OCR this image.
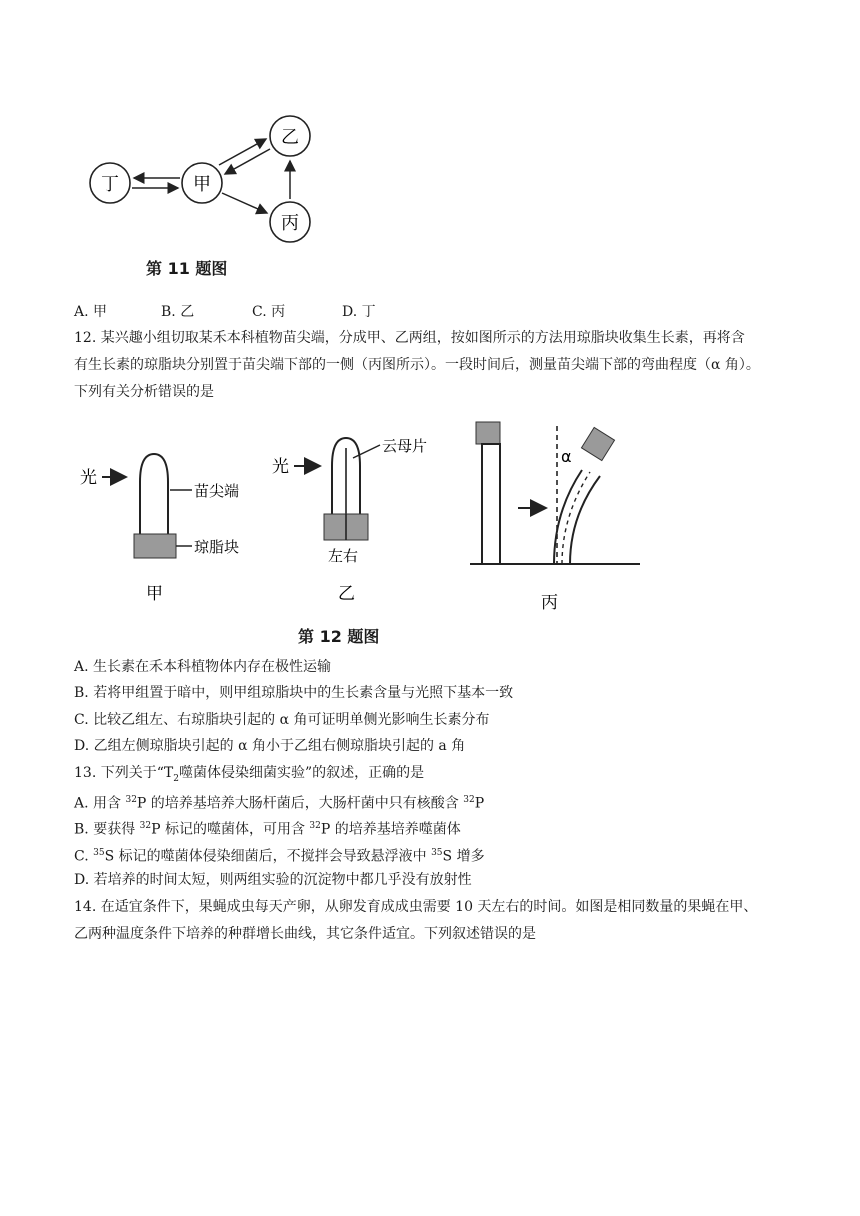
丁	甲
乙
丙
第 11 题图
A. 甲	B. 乙	C. 丙	D. 丁
12. 某兴趣小组切取某禾本科植物苗尖端，分成甲、乙两组，按如图所示的方法用琼脂块收集生长素，再将含
有生长素的琼脂块分别置于苗尖端下部的一侧（丙图所示）。一段时间后，测量苗尖端下部的弯曲程度（α 角）。
下列有关分析错误的是
光
苗尖端
琼脂块
甲
光
云母片
左右
乙
α
丙
第 12 题图
A. 生长素在禾本科植物体内存在极性运输
B. 若将甲组置于暗中，则甲组琼脂块中的生长素含量与光照下基本一致
C. 比较乙组左、右琼脂块引起的 α 角可证明单侧光影响生长素分布
D. 乙组左侧琼脂块引起的 α 角小于乙组右侧琼脂块引起的 a 角
13. 下列关于“$T_2$噬菌体侵染细菌实验”的叙述，正确的是
A. 用含 $^{32}$P 的培养基培养大肠杆菌后，大肠杆菌中只有核酸含 $^{32}$P
B. 要获得 $^{32}$P 标记的噬菌体，可用含 $^{32}$P 的培养基培养噬菌体
C. $^{35}$S 标记的噬菌体侵染细菌后，不搅拌会导致悬浮液中 $^{35}$S 增多
D. 若培养的时间太短，则两组实验的沉淀物中都几乎没有放射性
14. 在适宜条件下，果蝇成虫每天产卵，从卵发育成成虫需要 10 天左右的时间。如图是相同数量的果蝇在甲、
乙两种温度条件下培养的种群增长曲线，其它条件适宜。下列叙述错误的是
